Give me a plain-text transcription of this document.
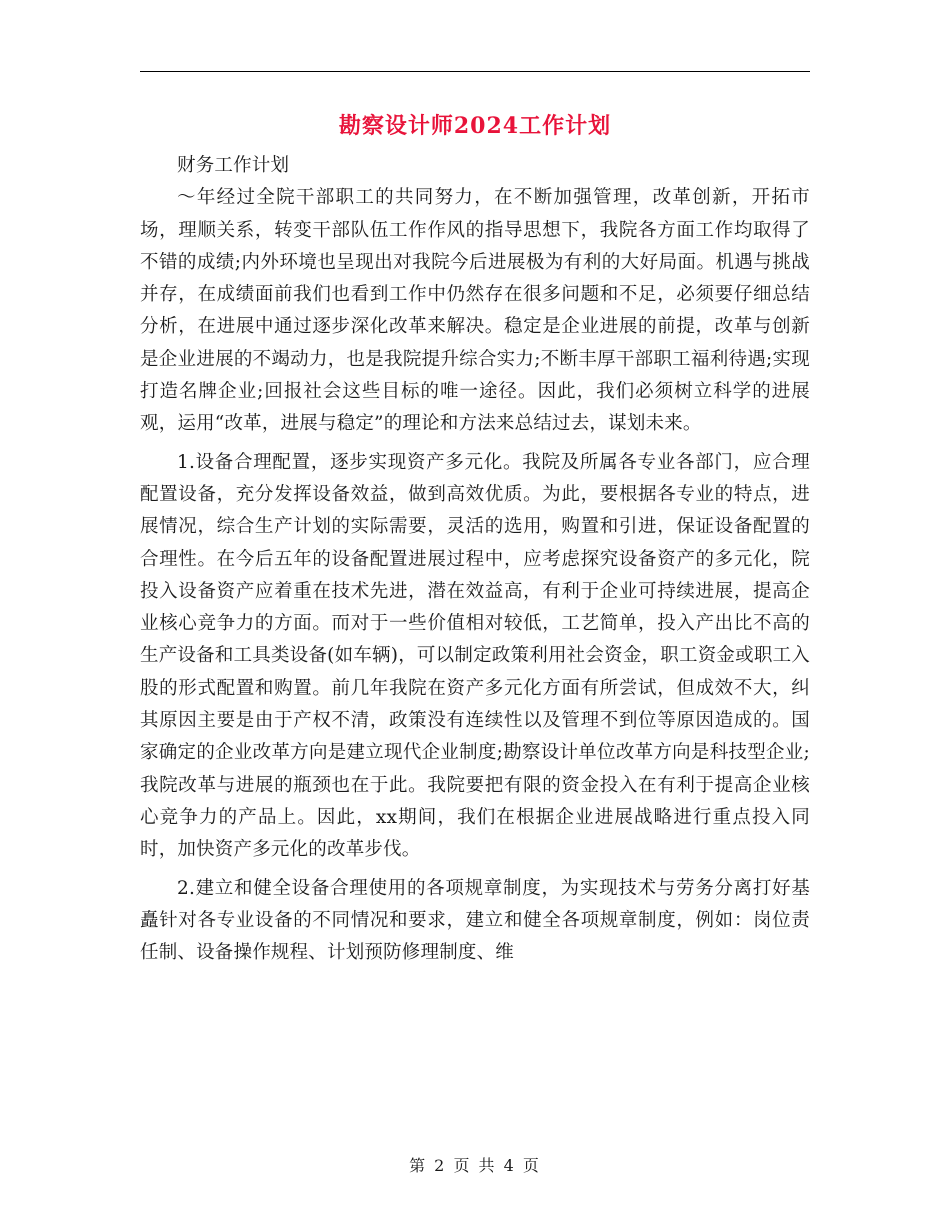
勘察设计师2024工作计划

财务工作计划

～年经过全院干部职工的共同努力，在不断加强管理，改革创新，开拓市场，理顺关系，转变干部队伍工作作风的指导思想下，我院各方面工作均取得了不错的成绩;内外环境也呈现出对我院今后进展极为有利的大好局面。机遇与挑战并存，在成绩面前我们也看到工作中仍然存在很多问题和不足，必须要仔细总结分析，在进展中通过逐步深化改革来解决。稳定是企业进展的前提，改革与创新是企业进展的不竭动力，也是我院提升综合实力;不断丰厚干部职工福利待遇;实现打造名牌企业;回报社会这些目标的唯一途径。因此，我们必须树立科学的进展观，运用“改革，进展与稳定”的理论和方法来总结过去，谋划未来。

1.设备合理配置，逐步实现资产多元化。我院及所属各专业各部门，应合理配置设备，充分发挥设备效益，做到高效优质。为此，要根据各专业的特点，进展情况，综合生产计划的实际需要，灵活的选用，购置和引进，保证设备配置的合理性。在今后五年的设备配置进展过程中，应考虑探究设备资产的多元化，院投入设备资产应着重在技术先进，潜在效益高，有利于企业可持续进展，提高企业核心竞争力的方面。而对于一些价值相对较低，工艺简单，投入产出比不高的生产设备和工具类设备(如车辆)，可以制定政策利用社会资金，职工资金或职工入股的形式配置和购置。前几年我院在资产多元化方面有所尝试，但成效不大，纠其原因主要是由于产权不清，政策没有连续性以及管理不到位等原因造成的。国家确定的企业改革方向是建立现代企业制度;勘察设计单位改革方向是科技型企业;我院改革与进展的瓶颈也在于此。我院要把有限的资金投入在有利于提高企业核心竞争力的产品上。因此，xx期间，我们在根据企业进展战略进行重点投入同时，加快资产多元化的改革步伐。

2.建立和健全设备合理使用的各项规章制度，为实现技术与劳务分离打好基矗针对各专业设备的不同情况和要求，建立和健全各项规章制度，例如：岗位责任制、设备操作规程、计划预防修理制度、维

第 2 页 共 4 页
